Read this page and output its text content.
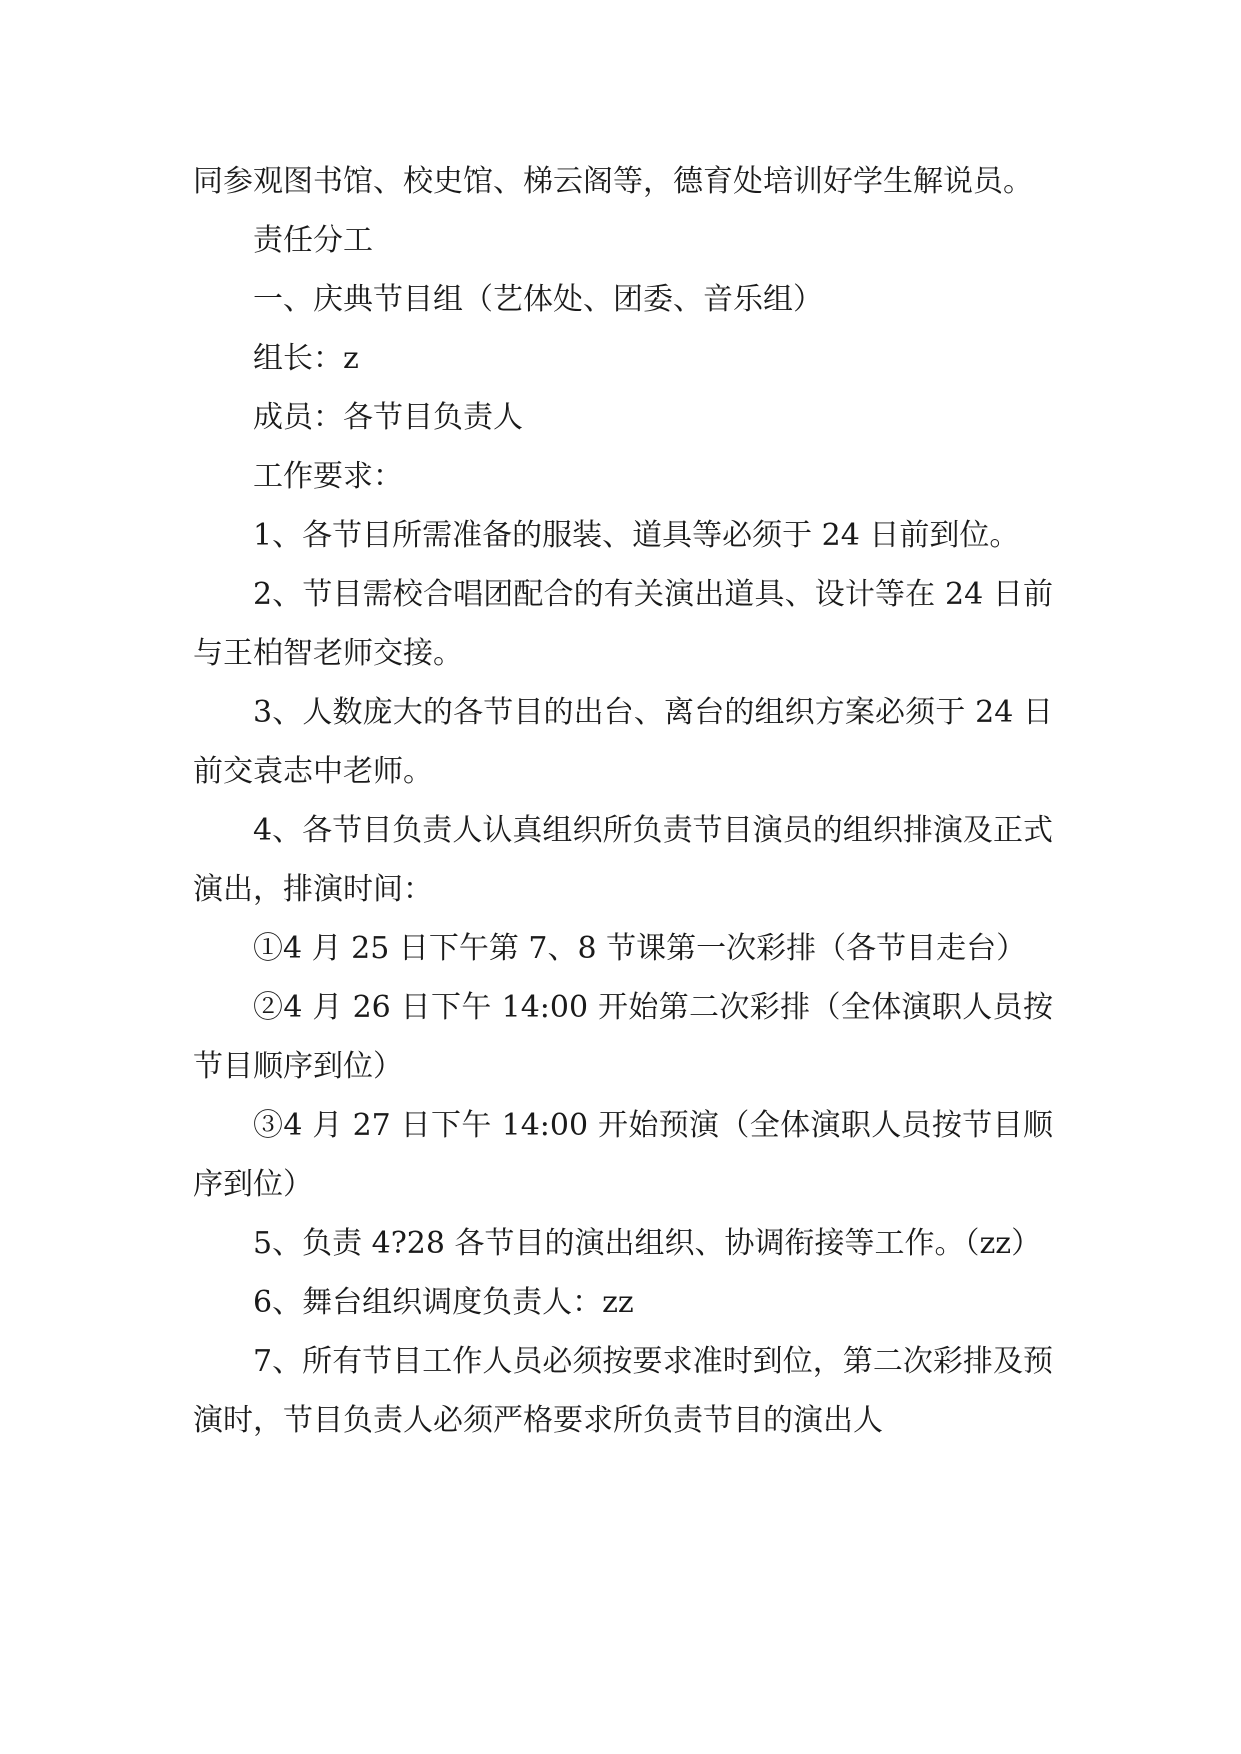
同参观图书馆、校史馆、梯云阁等，德育处培训好学生解说员。

责任分工

一、庆典节目组（艺体处、团委、音乐组）

组长：z

成员：各节目负责人

工作要求：

1、各节目所需准备的服装、道具等必须于 24 日前到位。

2、节目需校合唱团配合的有关演出道具、设计等在 24 日前与王柏智老师交接。

3、人数庞大的各节目的出台、离台的组织方案必须于 24 日前交袁志中老师。

4、各节目负责人认真组织所负责节目演员的组织排演及正式演出，排演时间：

①4 月 25 日下午第 7、8 节课第一次彩排（各节目走台）

②4 月 26 日下午 14:00 开始第二次彩排（全体演职人员按节目顺序到位）

③4 月 27 日下午 14:00 开始预演（全体演职人员按节目顺序到位）

5、负责 4?28 各节目的演出组织、协调衔接等工作。（zz）

6、舞台组织调度负责人：zz

7、所有节目工作人员必须按要求准时到位，第二次彩排及预演时，节目负责人必须严格要求所负责节目的演出人
